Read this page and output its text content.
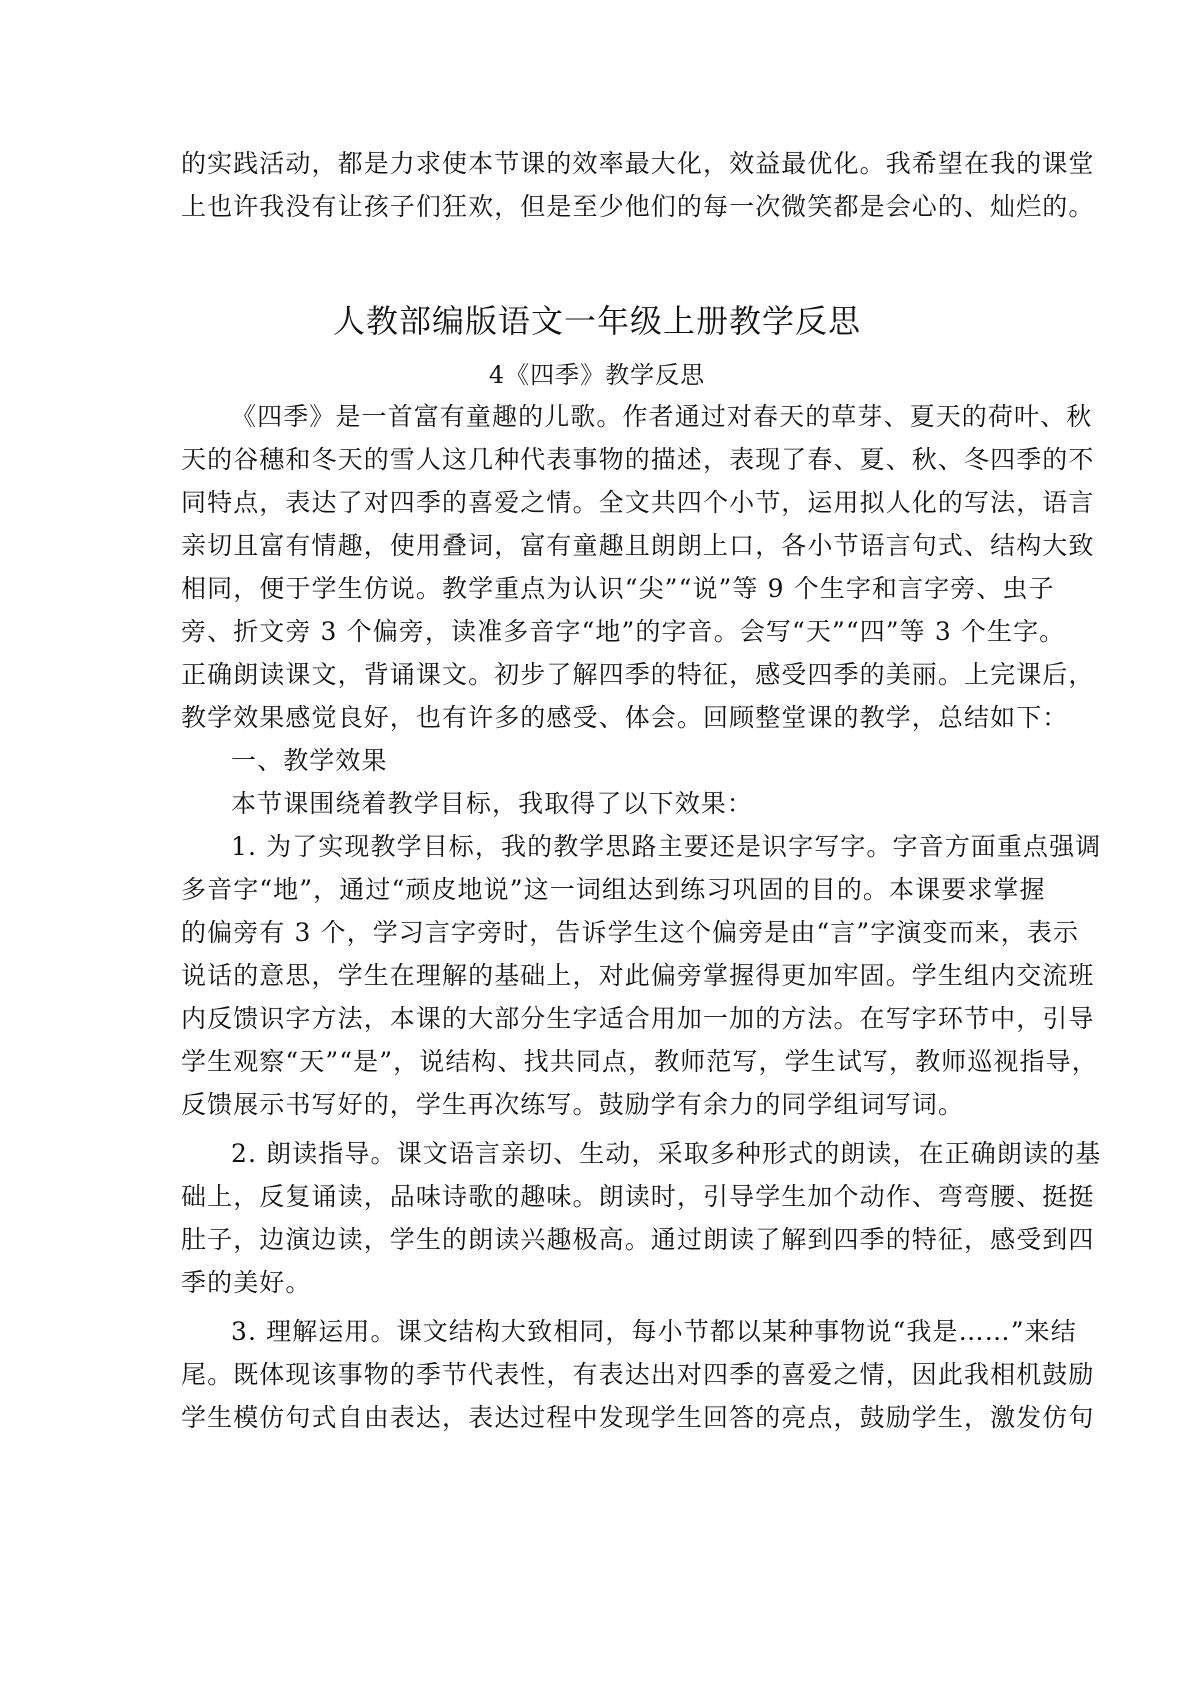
的实践活动，都是力求使本节课的效率最大化，效益最优化。我希望在我的课堂
上也许我没有让孩子们狂欢，但是至少他们的每一次微笑都是会心的、灿烂的。
人教部编版语文一年级上册教学反思
4《四季》教学反思
《四季》是一首富有童趣的儿歌。作者通过对春天的草芽、夏天的荷叶、秋
天的谷穗和冬天的雪人这几种代表事物的描述，表现了春、夏、秋、冬四季的不
同特点，表达了对四季的喜爱之情。全文共四个小节，运用拟人化的写法，语言
亲切且富有情趣，使用叠词，富有童趣且朗朗上口，各小节语言句式、结构大致
相同，便于学生仿说。教学重点为认识“尖”“说”等 9 个生字和言字旁、虫子
旁、折文旁 3 个偏旁，读准多音字“地”的字音。会写“天”“四”等 3 个生字。
正确朗读课文，背诵课文。初步了解四季的特征，感受四季的美丽。上完课后，
教学效果感觉良好，也有许多的感受、体会。回顾整堂课的教学，总结如下：
一、教学效果
本节课围绕着教学目标，我取得了以下效果：
1. 为了实现教学目标，我的教学思路主要还是识字写字。字音方面重点强调
多音字“地”，通过“顽皮地说”这一词组达到练习巩固的目的。本课要求掌握
的偏旁有 3 个，学习言字旁时，告诉学生这个偏旁是由“言”字演变而来，表示
说话的意思，学生在理解的基础上，对此偏旁掌握得更加牢固。学生组内交流班
内反馈识字方法，本课的大部分生字适合用加一加的方法。在写字环节中，引导
学生观察“天”“是”，说结构、找共同点，教师范写，学生试写，教师巡视指导，
反馈展示书写好的，学生再次练写。鼓励学有余力的同学组词写词。
2. 朗读指导。课文语言亲切、生动，采取多种形式的朗读，在正确朗读的基
础上，反复诵读，品味诗歌的趣味。朗读时，引导学生加个动作、弯弯腰、挺挺
肚子，边演边读，学生的朗读兴趣极高。通过朗读了解到四季的特征，感受到四
季的美好。
3. 理解运用。课文结构大致相同，每小节都以某种事物说“我是……”来结
尾。既体现该事物的季节代表性，有表达出对四季的喜爱之情，因此我相机鼓励
学生模仿句式自由表达，表达过程中发现学生回答的亮点，鼓励学生，激发仿句
